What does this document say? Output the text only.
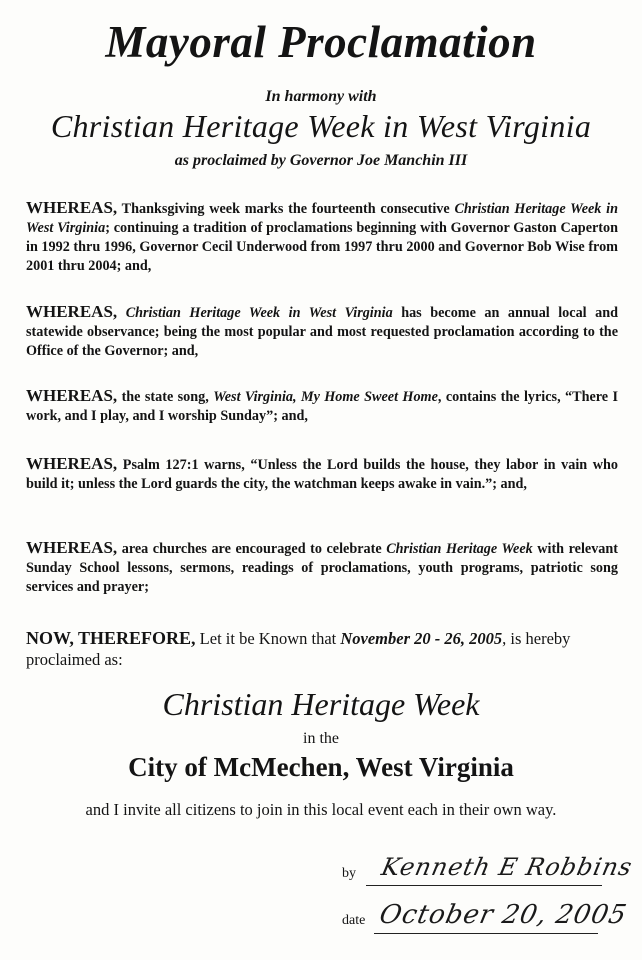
Mayoral Proclamation
In harmony with
Christian Heritage Week in West Virginia
as proclaimed by Governor Joe Manchin III
WHEREAS, Thanksgiving week marks the fourteenth consecutive Christian Heritage Week in West Virginia; continuing a tradition of proclamations beginning with Governor Gaston Caperton in 1992 thru 1996, Governor Cecil Underwood from 1997 thru 2000 and Governor Bob Wise from 2001 thru 2004; and,
WHEREAS, Christian Heritage Week in West Virginia has become an annual local and statewide observance; being the most popular and most requested proclamation according to the Office of the Governor; and,
WHEREAS, the state song, West Virginia, My Home Sweet Home, contains the lyrics, “There I work, and I play, and I worship Sunday”; and,
WHEREAS, Psalm 127:1 warns, “Unless the Lord builds the house, they labor in vain who build it; unless the Lord guards the city, the watchman keeps awake in vain.”; and,
WHEREAS, area churches are encouraged to celebrate Christian Heritage Week with relevant Sunday School lessons, sermons, readings of proclamations, youth programs, patriotic song services and prayer;
NOW, THEREFORE, Let it be Known that November 20 - 26, 2005, is hereby proclaimed as:
Christian Heritage Week
in the
City of McMechen, West Virginia
and I invite all citizens to join in this local event each in their own way.
by Kenneth E Robbins
date October 20, 2005
